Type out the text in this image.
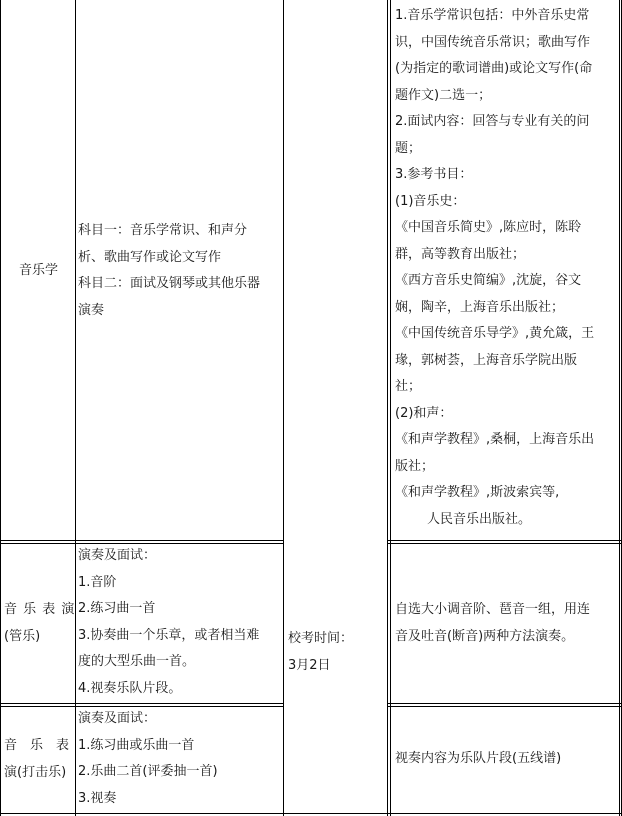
音乐学

科目一：音乐学常识、和声分

析、歌曲写作或论文写作

科目二：面试及钢琴或其他乐器

演奏

1.音乐学常识包括：中外音乐史常

识，中国传统音乐常识；歌曲写作

(为指定的歌词谱曲)或论文写作(命

题作文)二选一；

2.面试内容：回答与专业有关的问

题；

3.参考书目：

(1)音乐史：

《中国音乐简史》,陈应时，陈聆

群，高等教育出版社；

《西方音乐史简编》,沈旋，谷文

娴，陶辛，上海音乐出版社；

《中国传统音乐导学》,黄允箴，王

瑑，郭树荟，上海音乐学院出版

社；

(2)和声：

《和声学教程》,桑桐，上海音乐出

版社；

《和声学教程》,斯波索宾等,

人民音乐出版社。

校考时间：

3月2日

音 乐 表 演

(管乐)

演奏及面试：

1.音阶

2.练习曲一首

3.协奏曲一个乐章，或者相当难

度的大型乐曲一首。

4.视奏乐队片段。

自选大小调音阶、琶音一组，用连

音及吐音(断音)两种方法演奏。

音　乐　表

演(打击乐)

演奏及面试：

1.练习曲或乐曲一首

2.乐曲二首(评委抽一首)

3.视奏

视奏内容为乐队片段(五线谱)
